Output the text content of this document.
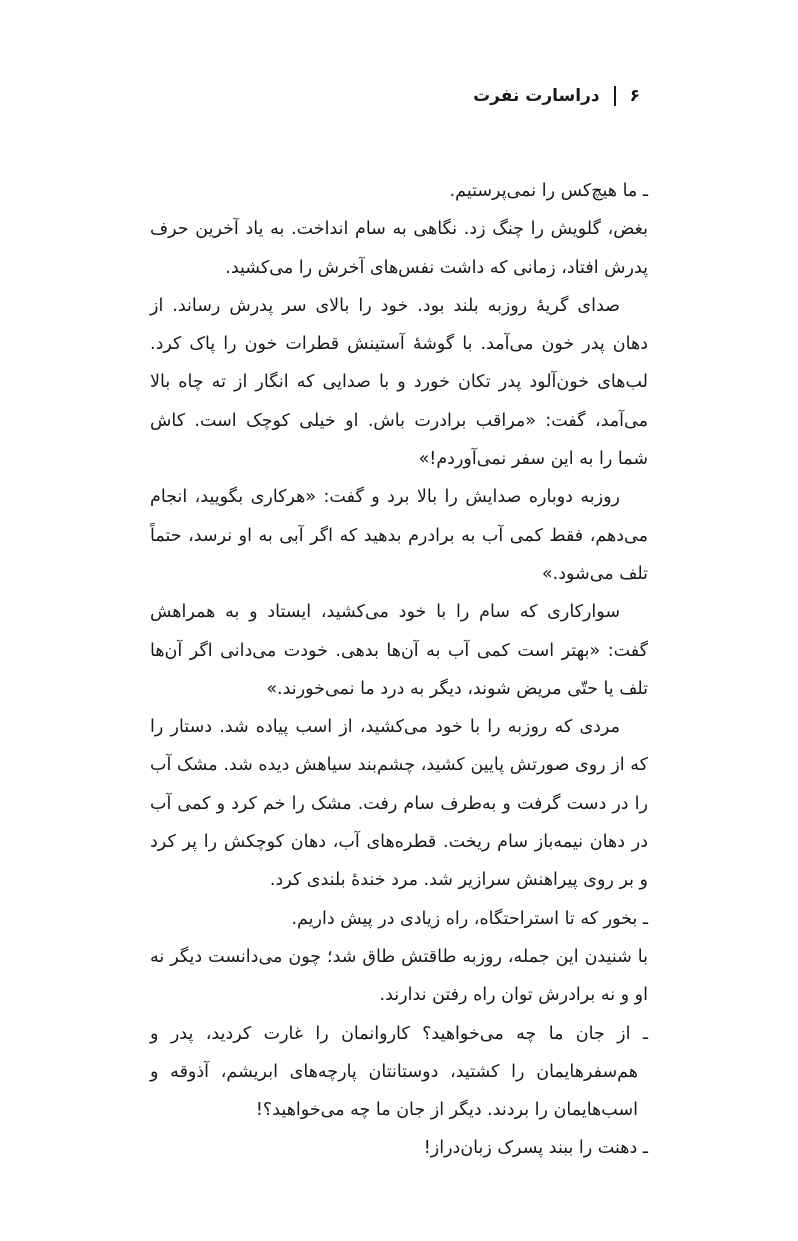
۶
دراسارت نفرت

ـ ما هیچ‌کس را نمی‌پرستیم.

بغض، گلویش را چنگ زد. نگاهی به سام انداخت. به یاد آخرین حرف پدرش افتاد، زمانی که داشت نفس‌های آخرش را می‌کشید.

صدای گریهٔ روزبه بلند بود. خود را بالای سر پدرش رساند. از دهان پدر خون می‌آمد. با گوشهٔ آستینش قطرات خون را پاک کرد. لب‌های خون‌آلود پدر تکان خورد و با صدایی که انگار از ته چاه بالا می‌آمد، گفت: «مراقب برادرت باش. او خیلی کوچک است. کاش شما را به این سفر نمی‌آوردم!»

روزبه دوباره صدایش را بالا برد و گفت: «هرکاری بگویید، انجام می‌دهم، فقط کمی آب به برادرم بدهید که اگر آبی به او نرسد، حتماً تلف می‌شود.»

سوارکاری که سام را با خود می‌کشید، ایستاد و به همراهش گفت: «بهتر است کمی آب به آن‌ها بدهی. خودت می‌دانی اگر آن‌ها تلف یا حتّی مریض شوند، دیگر به درد ما نمی‌خورند.»

مردی که روزبه را با خود می‌کشید، از اسب پیاده شد. دستار را که از روی صورتش پایین کشید، چشم‌بند سیاهش دیده شد. مشک آب را در دست گرفت و به‌طرف سام رفت. مشک را خم کرد و کمی آب در دهان نیمه‌باز سام ریخت. قطره‌های آب، دهان کوچکش را پر کرد و بر روی پیراهنش سرازیر شد. مرد خندهٔ بلندی کرد.

ـ بخور که تا استراحتگاه، راه زیادی در پیش داریم.

با شنیدن این جمله، روزبه طاقتش طاق شد؛ چون می‌دانست دیگر نه او و نه برادرش توان راه رفتن ندارند.

ـ از جان ما چه می‌خواهید؟ کاروانمان را غارت کردید، پدر و هم‌سفرهایمان را کشتید، دوستانتان پارچه‌های ابریشم، آذوقه و اسب‌هایمان را بردند. دیگر از جان ما چه می‌خواهید؟!

ـ دهنت را ببند پسرک زبان‌دراز!
